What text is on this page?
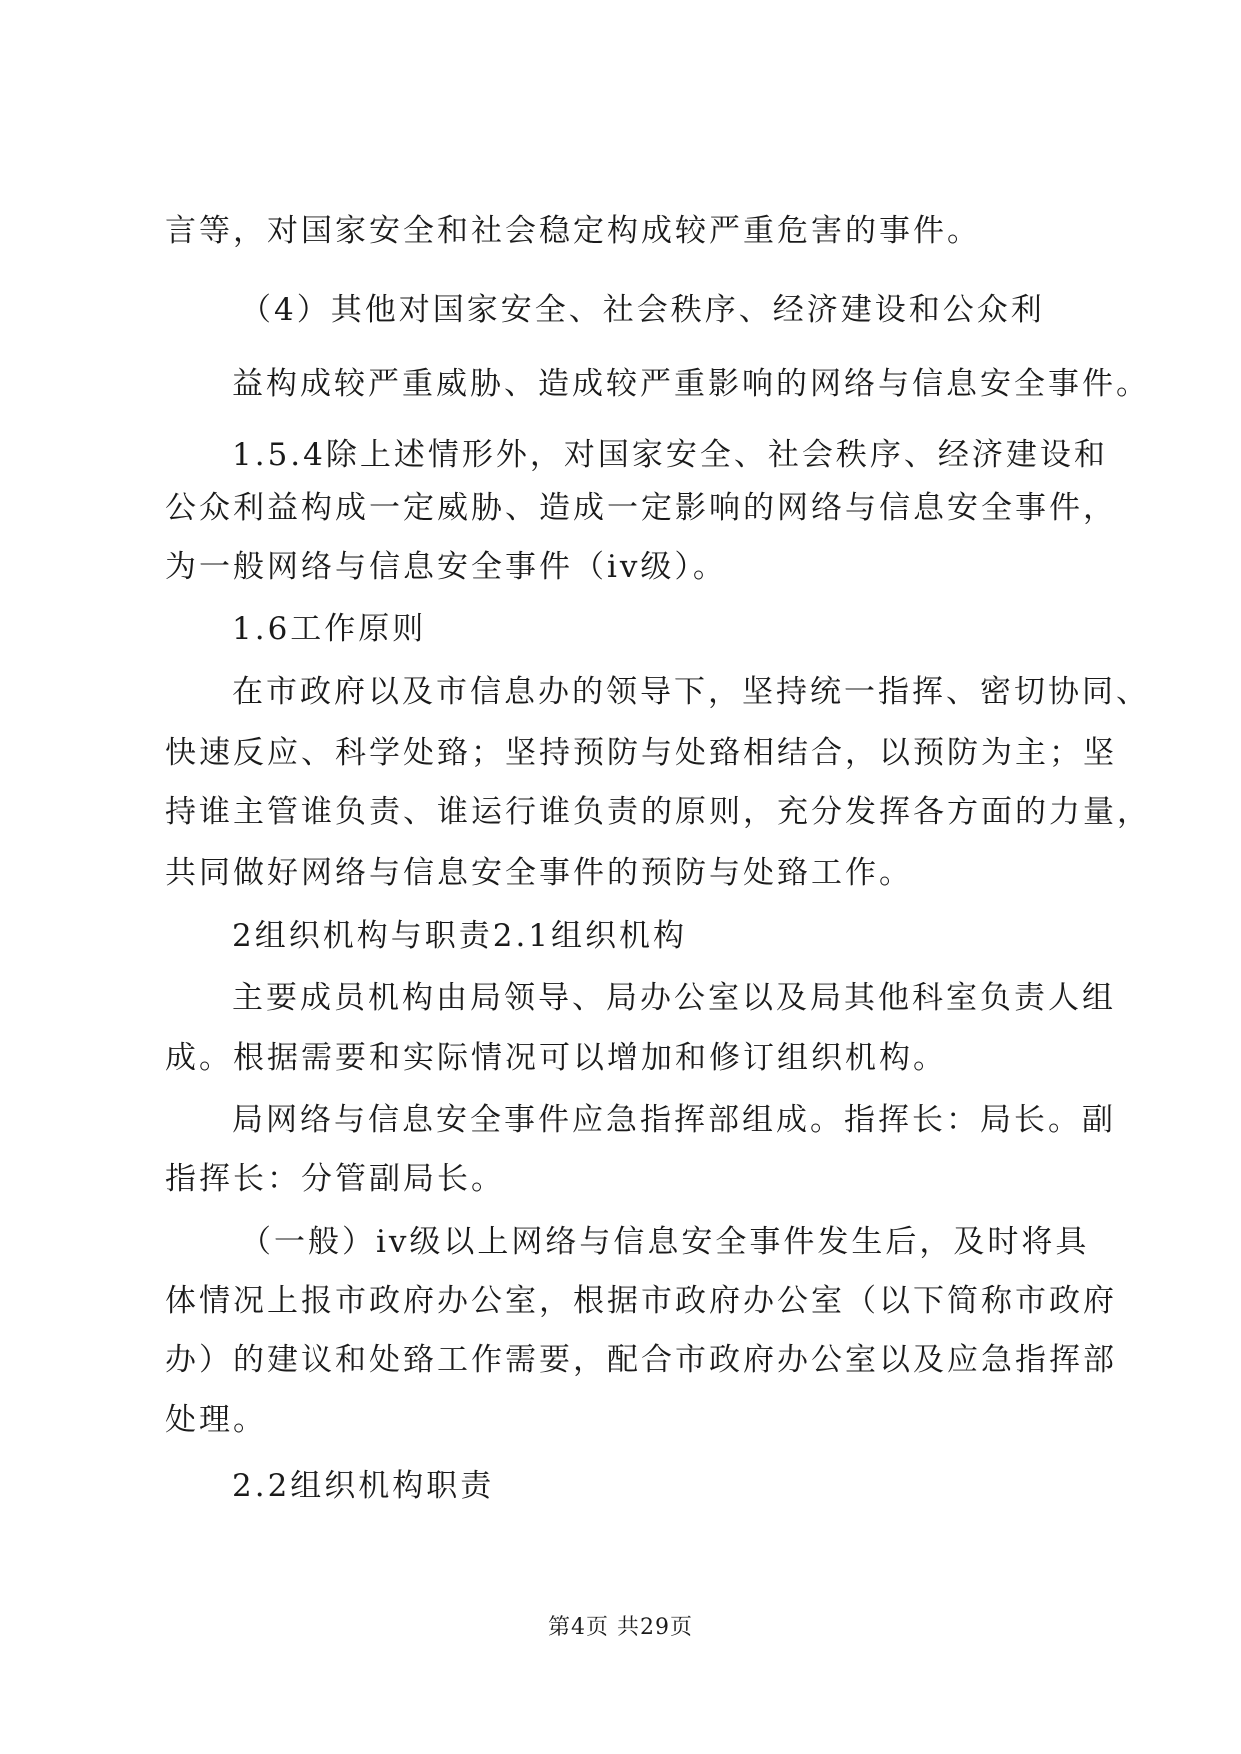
言等，对国家安全和社会稳定构成较严重危害的事件。
（4）其他对国家安全、社会秩序、经济建设和公众利
益构成较严重威胁、造成较严重影响的网络与信息安全事件。
1.5.4除上述情形外，对国家安全、社会秩序、经济建设和
公众利益构成一定威胁、造成一定影响的网络与信息安全事件，
为一般网络与信息安全事件（iv级）。
1.6工作原则
在市政府以及市信息办的领导下，坚持统一指挥、密切协同、
快速反应、科学处臵；坚持预防与处臵相结合，以预防为主；坚
持谁主管谁负责、谁运行谁负责的原则，充分发挥各方面的力量，
共同做好网络与信息安全事件的预防与处臵工作。
2组织机构与职责2.1组织机构
主要成员机构由局领导、局办公室以及局其他科室负责人组
成。根据需要和实际情况可以增加和修订组织机构。
局网络与信息安全事件应急指挥部组成。指挥长：局长。副
指挥长：分管副局长。
（一般）iv级以上网络与信息安全事件发生后，及时将具
体情况上报市政府办公室，根据市政府办公室（以下简称市政府
办）的建议和处臵工作需要，配合市政府办公室以及应急指挥部
处理。
2.2组织机构职责
第4页 共29页
